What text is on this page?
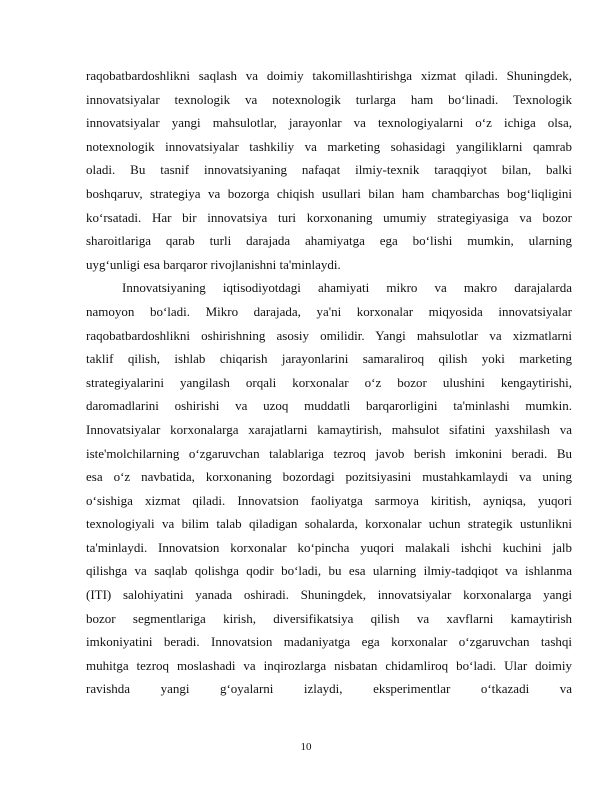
raqobatbardoshlikni saqlash va doimiy takomillashtirishga xizmat qiladi. Shuningdek,
innovatsiyalar texnologik va notexnologik turlarga ham boʻlinadi. Texnologik
innovatsiyalar yangi mahsulotlar, jarayonlar va texnologiyalarni oʻz ichiga olsa,
notexnologik innovatsiyalar tashkiliy va marketing sohasidagi yangiliklarni qamrab
oladi. Bu tasnif innovatsiyaning nafaqat ilmiy-texnik taraqqiyot bilan, balki
boshqaruv, strategiya va bozorga chiqish usullari bilan ham chambarchas bogʻliqligini
koʻrsatadi. Har bir innovatsiya turi korxonaning umumiy strategiyasiga va bozor
sharoitlariga qarab turli darajada ahamiyatga ega boʻlishi mumkin, ularning
uygʻunligi esa barqaror rivojlanishni ta'minlaydi.
Innovatsiyaning iqtisodiyotdagi ahamiyati mikro va makro darajalarda
namoyon boʻladi. Mikro darajada, ya'ni korxonalar miqyosida innovatsiyalar
raqobatbardoshlikni oshirishning asosiy omilidir. Yangi mahsulotlar va xizmatlarni
taklif qilish, ishlab chiqarish jarayonlarini samaraliroq qilish yoki marketing
strategiyalarini yangilash orqali korxonalar oʻz bozor ulushini kengaytirishi,
daromadlarini oshirishi va uzoq muddatli barqarorligini ta'minlashi mumkin.
Innovatsiyalar korxonalarga xarajatlarni kamaytirish, mahsulot sifatini yaxshilash va
iste'molchilarning oʻzgaruvchan talablariga tezroq javob berish imkonini beradi. Bu
esa oʻz navbatida, korxonaning bozordagi pozitsiyasini mustahkamlaydi va uning
oʻsishiga xizmat qiladi. Innovatsion faoliyatga sarmoya kiritish, ayniqsa, yuqori
texnologiyali va bilim talab qiladigan sohalarda, korxonalar uchun strategik ustunlikni
ta'minlaydi. Innovatsion korxonalar koʻpincha yuqori malakali ishchi kuchini jalb
qilishga va saqlab qolishga qodir boʻladi, bu esa ularning ilmiy-tadqiqot va ishlanma
(ITI) salohiyatini yanada oshiradi. Shuningdek, innovatsiyalar korxonalarga yangi
bozor segmentlariga kirish, diversifikatsiya qilish va xavflarni kamaytirish
imkoniyatini beradi. Innovatsion madaniyatga ega korxonalar oʻzgaruvchan tashqi
muhitga tezroq moslashadi va inqirozlarga nisbatan chidamliroq boʻladi. Ular doimiy
ravishda yangi gʻoyalarni izlaydi, eksperimentlar oʻtkazadi va
10
